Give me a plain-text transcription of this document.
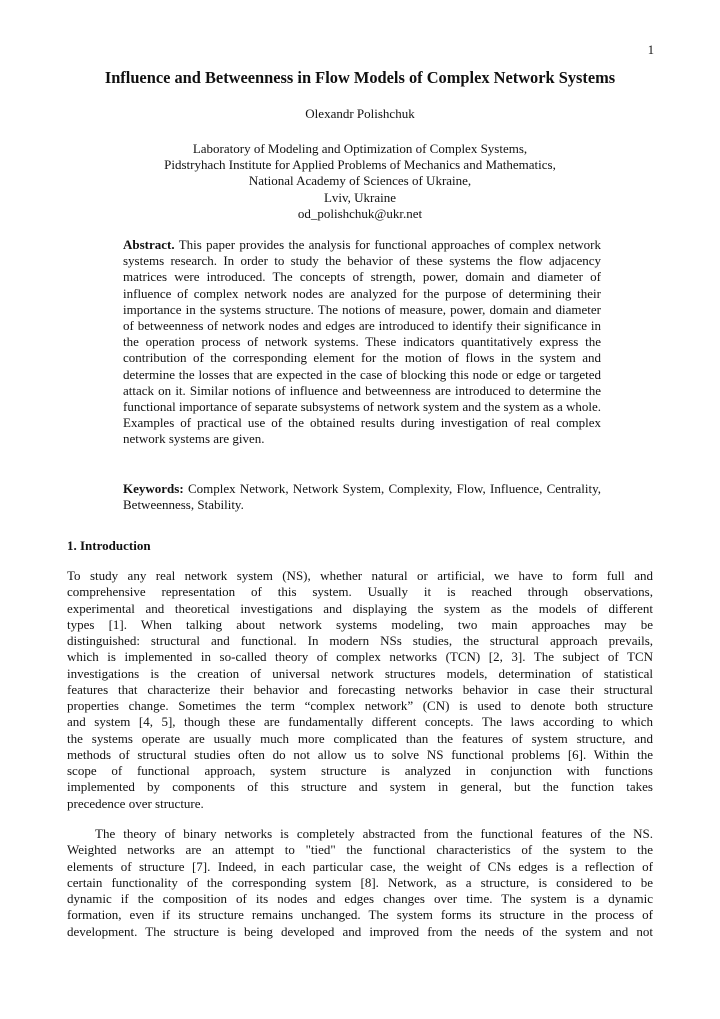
1
Influence and Betweenness in Flow Models of Complex Network Systems
Olexandr Polishchuk
Laboratory of Modeling and Optimization of Complex Systems,
Pidstryhach Institute for Applied Problems of Mechanics and Mathematics,
National Academy of Sciences of Ukraine,
Lviv, Ukraine
od_polishchuk@ukr.net
Abstract. This paper provides the analysis for functional approaches of complex network systems research. In order to study the behavior of these systems the flow adjacency matrices were introduced. The concepts of strength, power, domain and diameter of influence of complex network nodes are analyzed for the purpose of determining their importance in the systems structure. The notions of measure, power, domain and diameter of betweenness of network nodes and edges are introduced to identify their significance in the operation process of network systems. These indicators quantitatively express the contribution of the corresponding element for the motion of flows in the system and determine the losses that are expected in the case of blocking this node or edge or targeted attack on it. Similar notions of influence and betweenness are introduced to determine the functional importance of separate subsystems of network system and the system as a whole. Examples of practical use of the obtained results during investigation of real complex network systems are given.
Keywords: Complex Network, Network System, Complexity, Flow, Influence, Centrality, Betweenness, Stability.
1. Introduction
To study any real network system (NS), whether natural or artificial, we have to form full and
comprehensive representation of this system. Usually it is reached through observations,
experimental and theoretical investigations and displaying the system as the models of different
types [1]. When talking about network systems modeling, two main approaches may be
distinguished: structural and functional. In modern NSs studies, the structural approach prevails,
which is implemented in so-called theory of complex networks (TCN) [2, 3]. The subject of TCN
investigations is the creation of universal network structures models, determination of statistical
features that characterize their behavior and forecasting networks behavior in case their structural
properties change. Sometimes the term “complex network” (CN) is used to denote both structure
and system [4, 5], though these are fundamentally different concepts. The laws according to which
the systems operate are usually much more complicated than the features of system structure, and
methods of structural studies often do not allow us to solve NS functional problems [6]. Within the
scope of functional approach, system structure is analyzed in conjunction with functions
implemented by components of this structure and system in general, but the function takes
precedence over structure.
The theory of binary networks is completely abstracted from the functional features of the NS.
Weighted networks are an attempt to "tied" the functional characteristics of the system to the
elements of structure [7]. Indeed, in each particular case, the weight of CNs edges is a reflection of
certain functionality of the corresponding system [8]. Network, as a structure, is considered to be
dynamic if the composition of its nodes and edges changes over time. The system is a dynamic
formation, even if its structure remains unchanged. The system forms its structure in the process of
development. The structure is being developed and improved from the needs of the system and not
